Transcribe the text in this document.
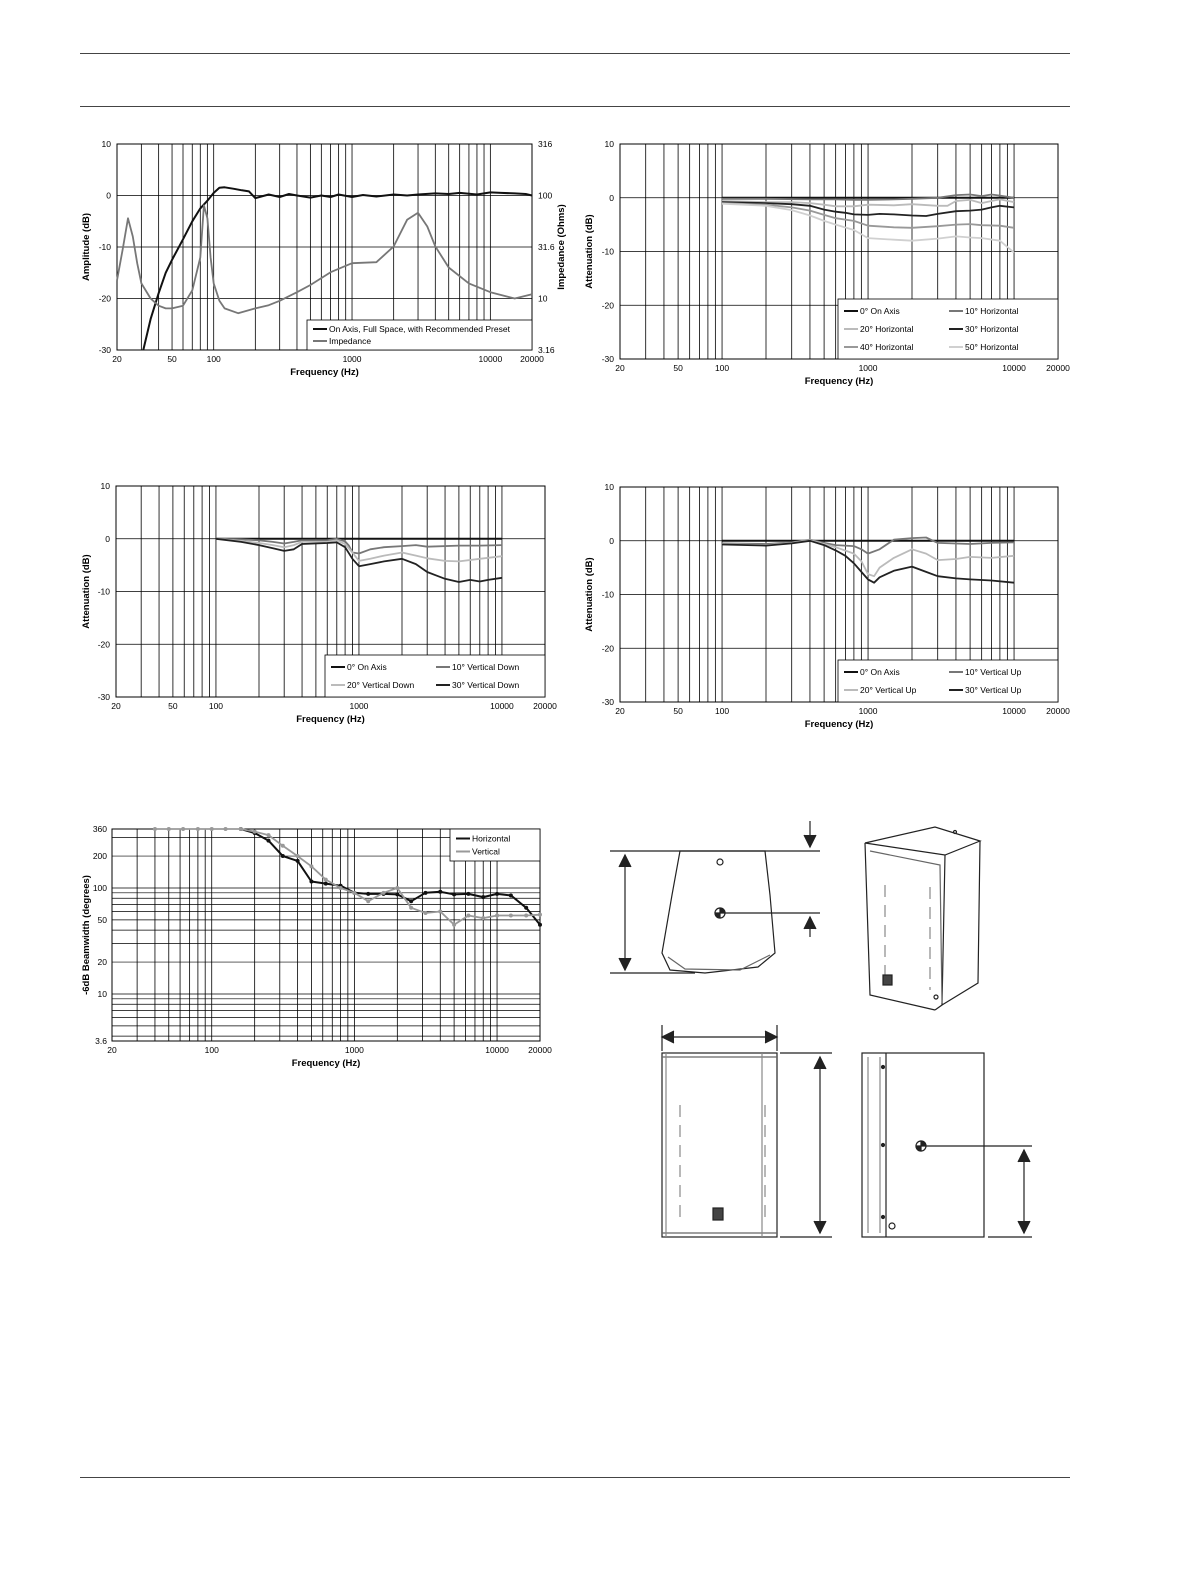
10
0
-10
-20
-30
316
100
31.6
10
3.16
20	50	100	1000	10000 20000
Frequency (Hz)
Amplitude (dB)	Impedance (Ohms)
On Axis, Full Space, with Recommended Preset
Impedance
10
0
-10
-20
-30
20	50	100	1000	10000 20000
Frequency (Hz)
Attenuation (dB)
0° On Axis	10° Horizontal
20° Horizontal	30° Horizontal
40° Horizontal	50° Horizontal
10
0
-10
-20
-30
20	50	100	1000	10000 20000
Frequency (Hz)
Attenuation (dB)
0° On Axis	10° Vertical Down
20° Vertical Down	30° Vertical Down
10
0
-10
-20
-30
20	50	100	1000	10000 20000
Frequency (Hz)
Attenuation (dB)
0° On Axis	10° Vertical Up
20° Vertical Up	30° Vertical Up
360
200
100
50
20
10
3.6
20	100	1000	10000 20000
Frequency (Hz)
-6dB Beamwidth (degrees)
Horizontal
Vertical
